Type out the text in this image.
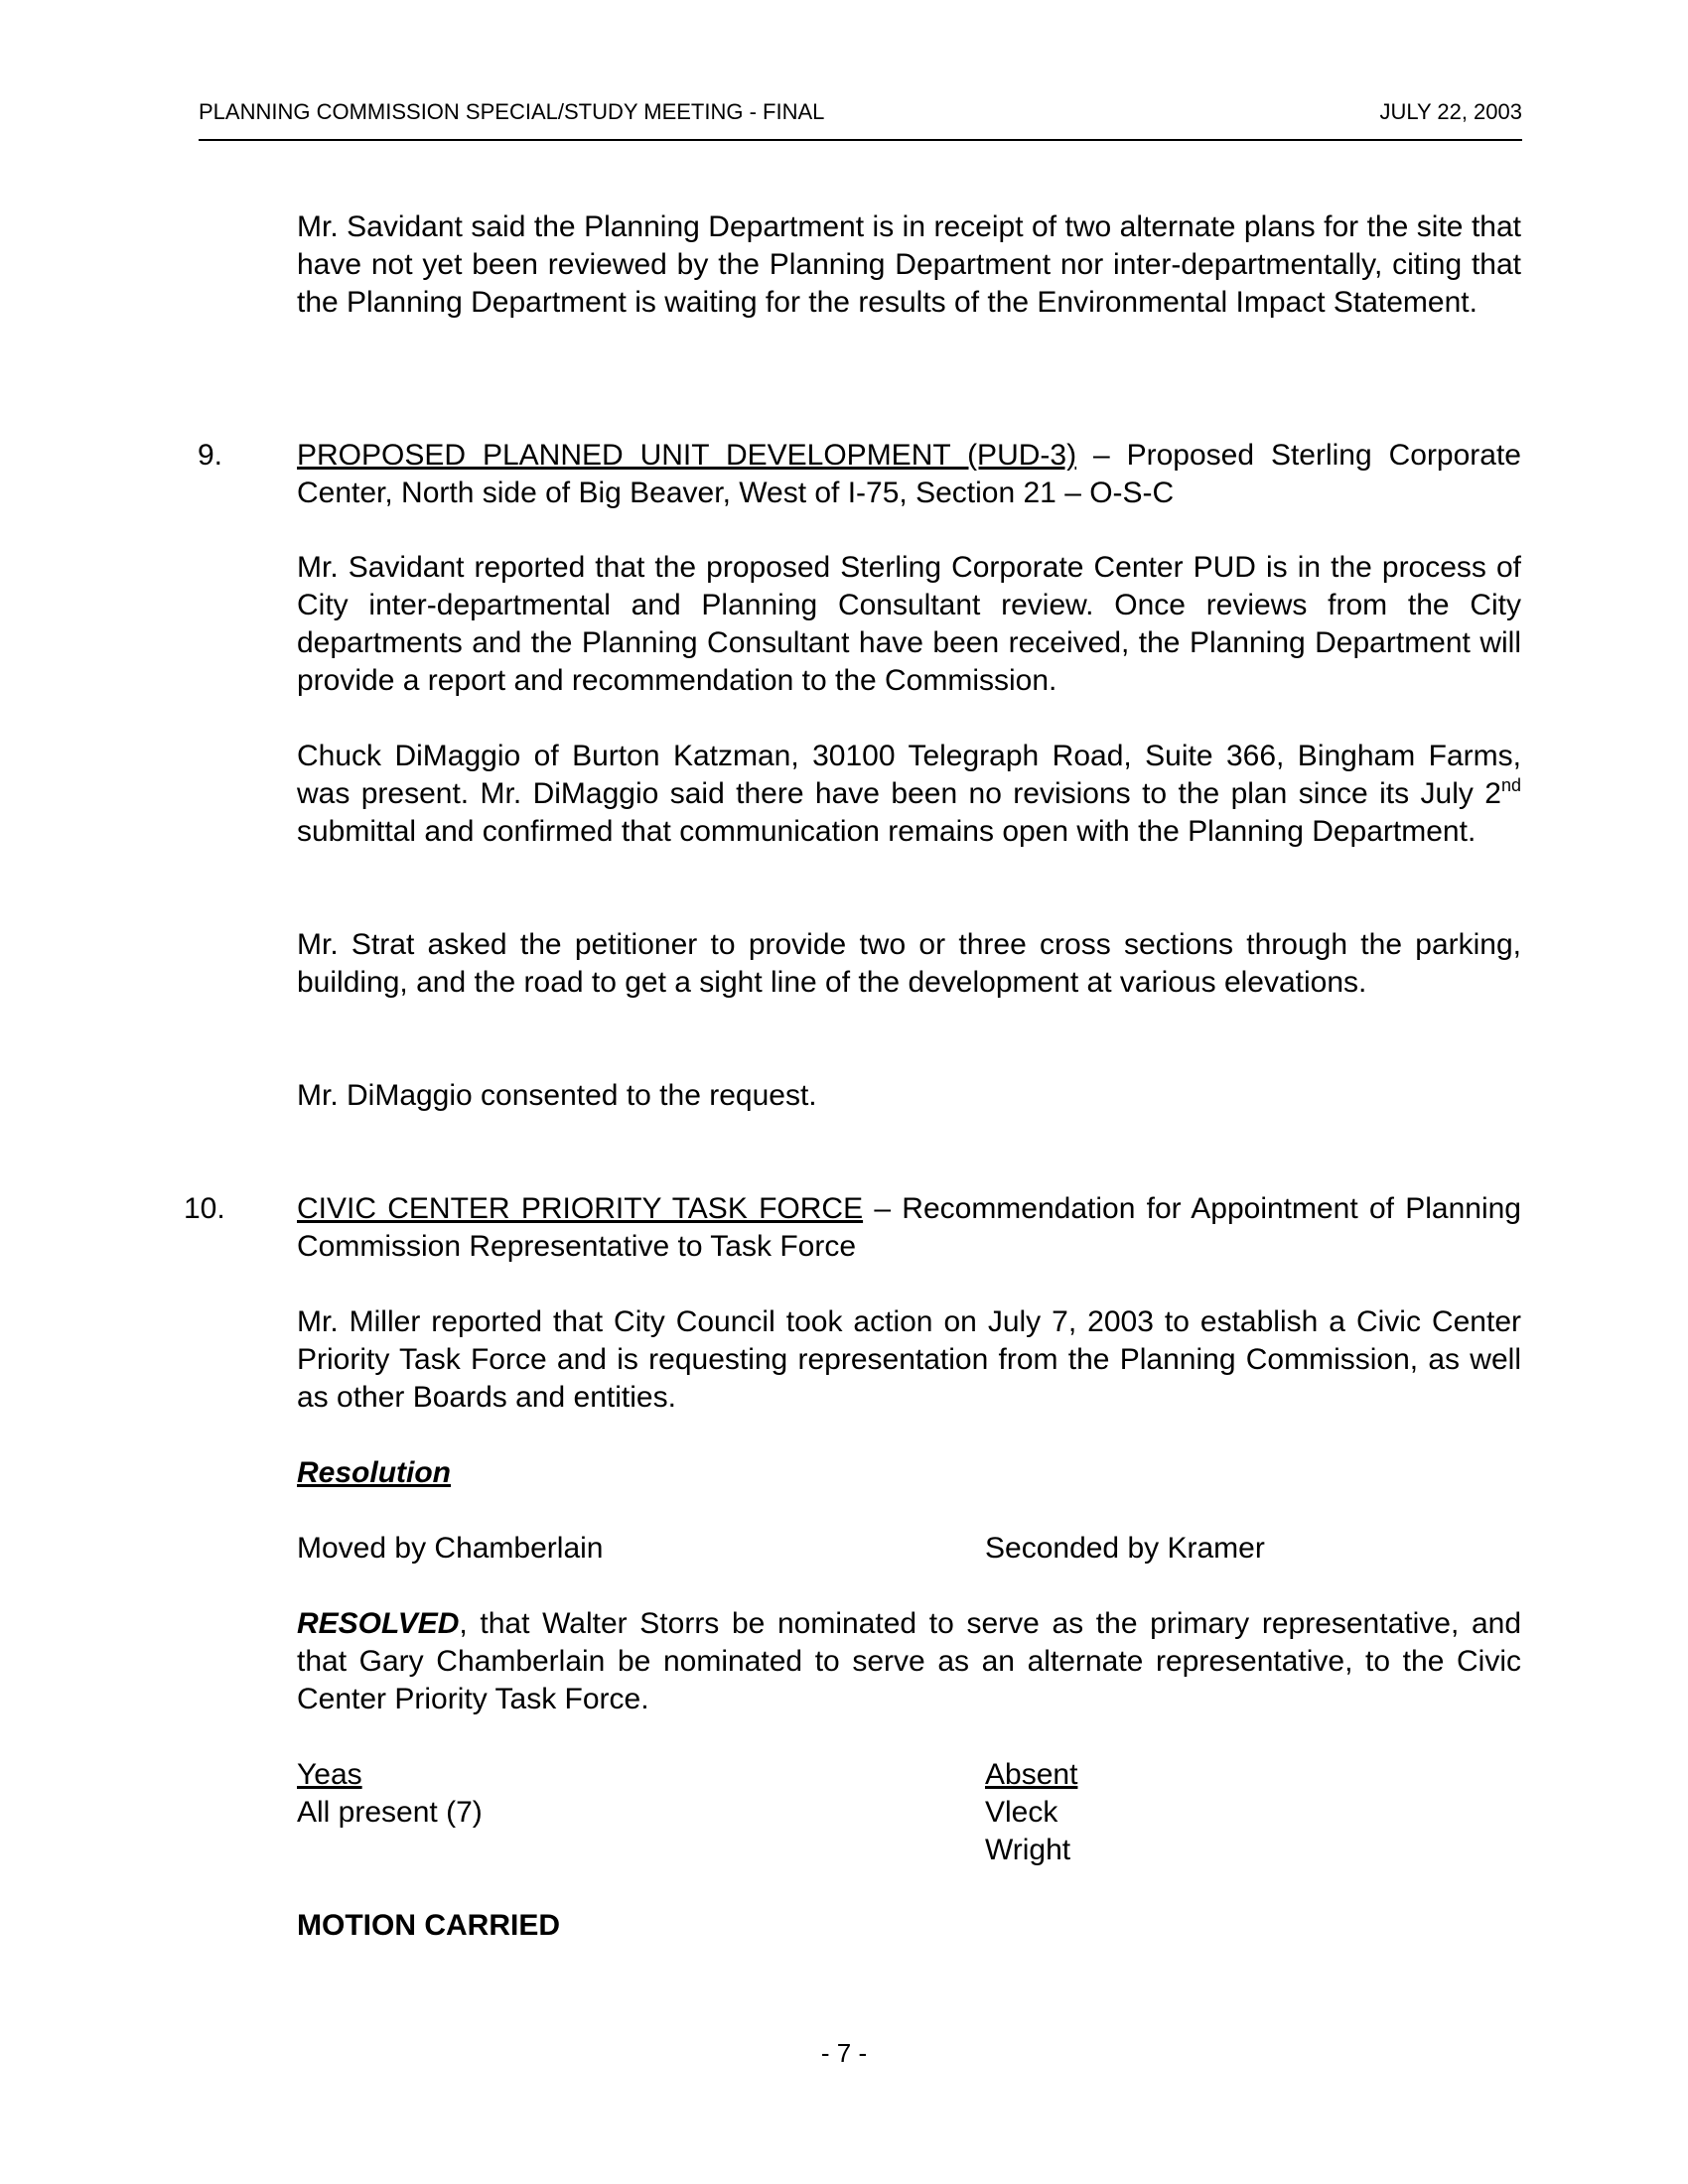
PLANNING COMMISSION SPECIAL/STUDY MEETING - FINAL	JULY 22, 2003

Mr. Savidant said the Planning Department is in receipt of two alternate plans for the site that have not yet been reviewed by the Planning Department nor inter-departmentally, citing that the Planning Department is waiting for the results of the Environmental Impact Statement.

9. PROPOSED PLANNED UNIT DEVELOPMENT (PUD-3) – Proposed Sterling Corporate Center, North side of Big Beaver, West of I-75, Section 21 – O-S-C

Mr. Savidant reported that the proposed Sterling Corporate Center PUD is in the process of City inter-departmental and Planning Consultant review. Once reviews from the City departments and the Planning Consultant have been received, the Planning Department will provide a report and recommendation to the Commission.

Chuck DiMaggio of Burton Katzman, 30100 Telegraph Road, Suite 366, Bingham Farms, was present. Mr. DiMaggio said there have been no revisions to the plan since its July 2nd submittal and confirmed that communication remains open with the Planning Department.

Mr. Strat asked the petitioner to provide two or three cross sections through the parking, building, and the road to get a sight line of the development at various elevations.

Mr. DiMaggio consented to the request.

10. CIVIC CENTER PRIORITY TASK FORCE – Recommendation for Appointment of Planning Commission Representative to Task Force

Mr. Miller reported that City Council took action on July 7, 2003 to establish a Civic Center Priority Task Force and is requesting representation from the Planning Commission, as well as other Boards and entities.

Resolution
Moved by Chamberlain	Seconded by Kramer

RESOLVED, that Walter Storrs be nominated to serve as the primary representative, and that Gary Chamberlain be nominated to serve as an alternate representative, to the Civic Center Priority Task Force.

Yeas
All present (7)
Absent
Vleck
Wright
MOTION CARRIED
- 7 -
